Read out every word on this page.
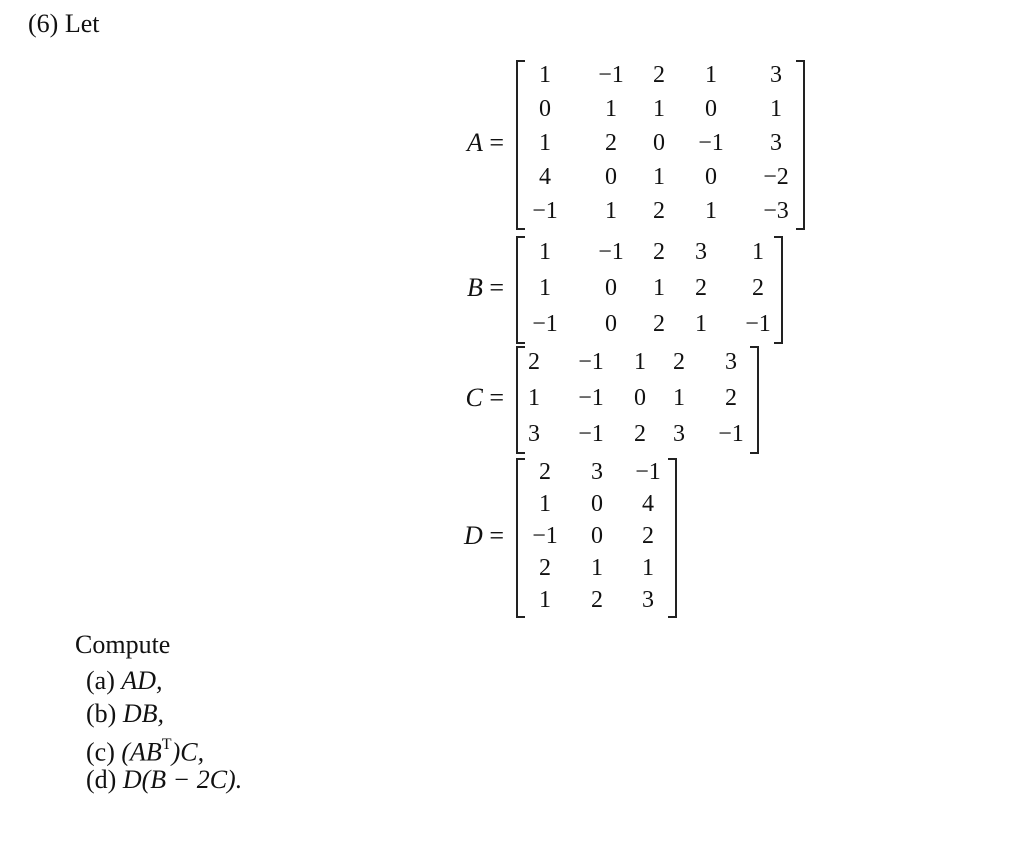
(6) Let
A =
1	−1	2	1	3
0	1	1	0	1
1	2	0	−1	3
4	0	1	0	−2
−1	1	2	1	−3
B =
1	−1	2	3	1
1	0	1	2	2
−1	0	2	1	−1
C =
2	−1	1	2	3
1	−1	0	1	2
3	−1	2	3	−1
D =
2	3	−1
1	0	4
−1	0	2
2	1	1
1	2	3
Compute
(a) AD,
(b) DB,
(c) $(AB^T)C$,
(d) D(B − 2C).
